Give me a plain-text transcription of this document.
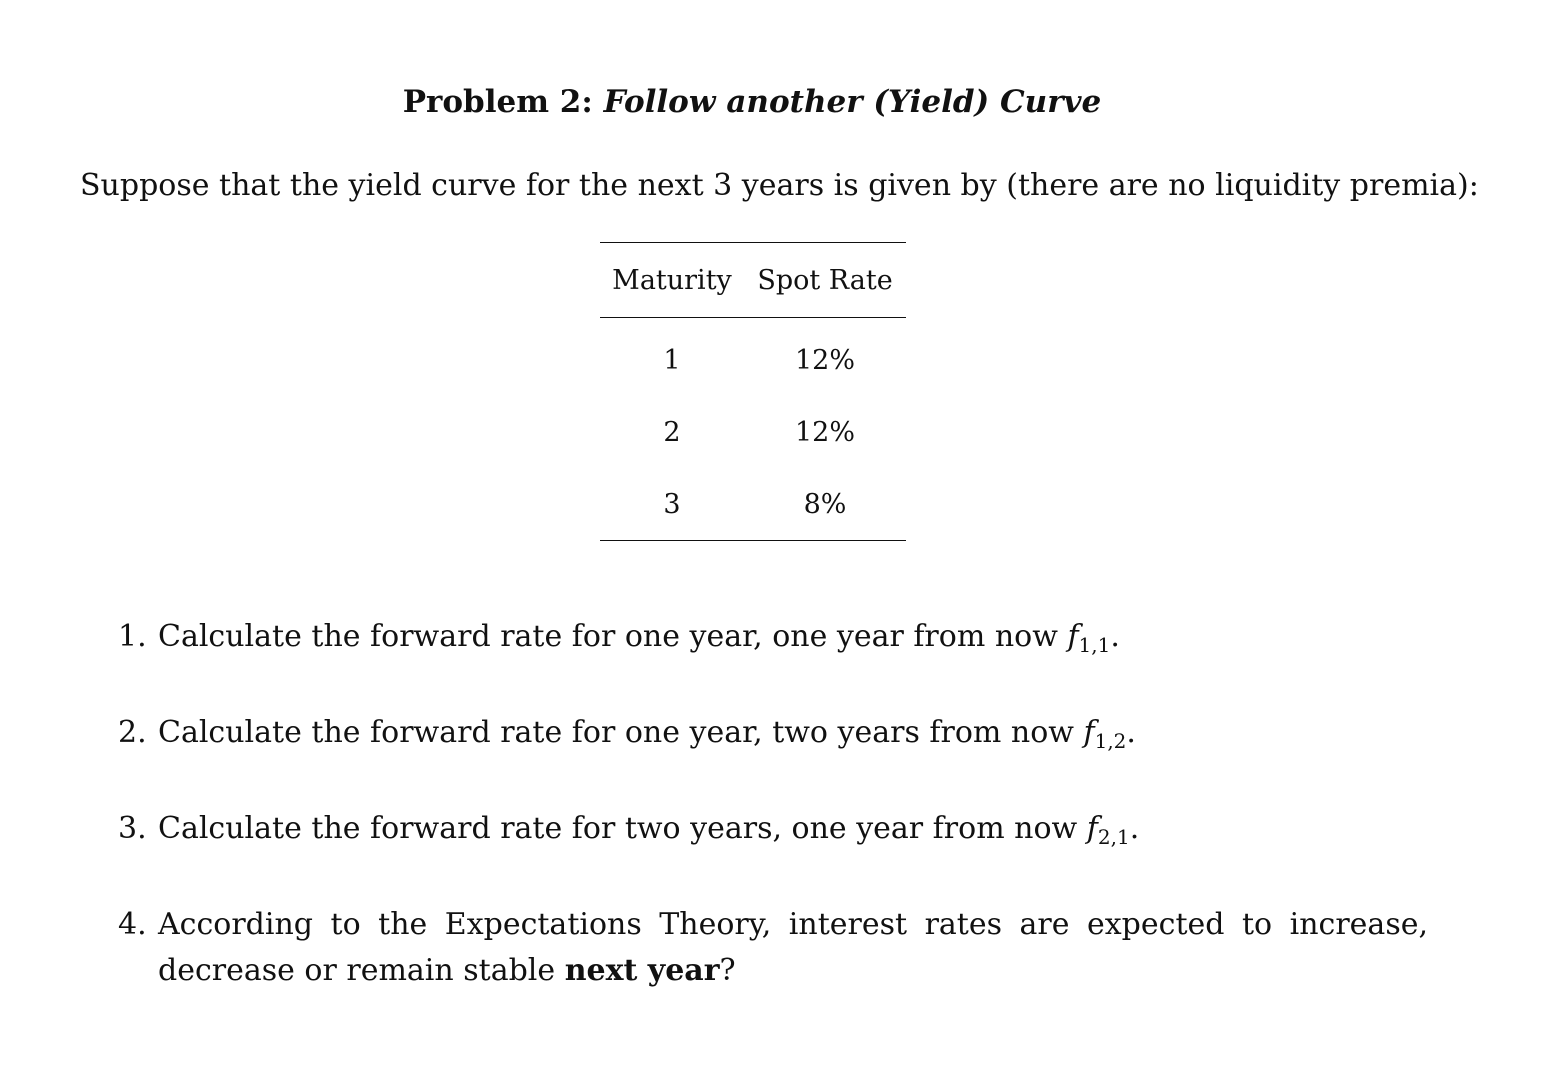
Problem 2: Follow another (Yield) Curve
Suppose that the yield curve for the next 3 years is given by (there are no liquidity premia):
Maturity	Spot Rate
1	12%
2	12%
3	8%
1. Calculate the forward rate for one year, one year from now $f_{1,1}$.
2. Calculate the forward rate for one year, two years from now $f_{1,2}$.
3. Calculate the forward rate for two years, one year from now $f_{2,1}$.
4. According to the Expectations Theory, interest rates are expected to increase, decrease or remain stable next year?
